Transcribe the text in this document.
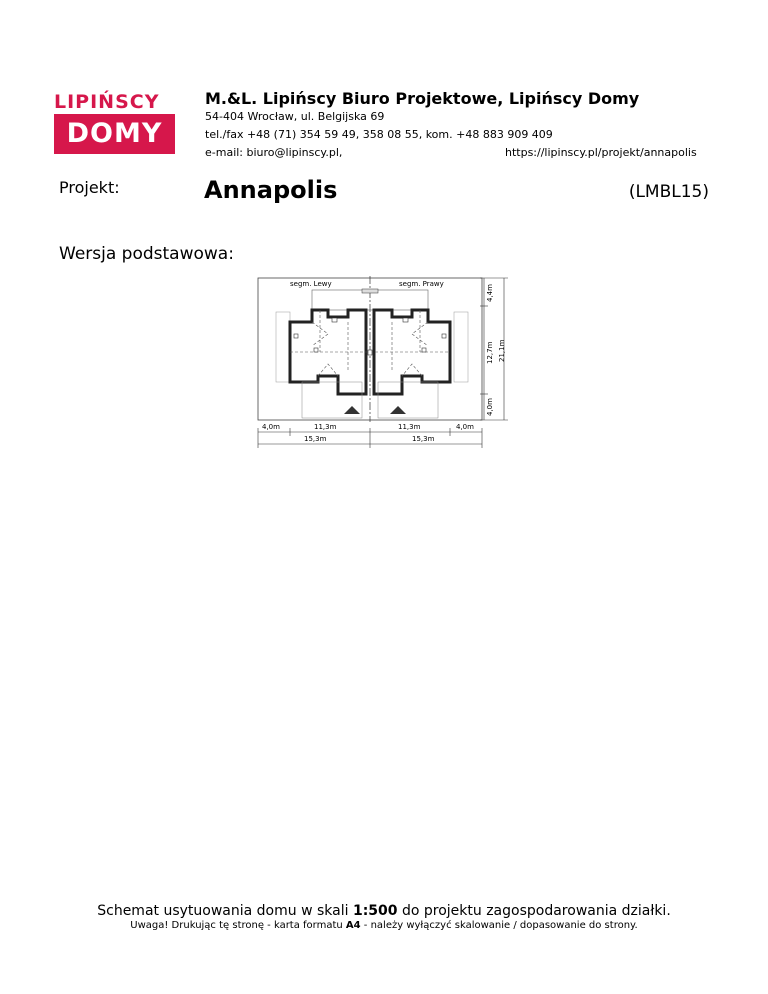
LIPIŃSCY
DOMY
M.&L. Lipińscy Biuro Projektowe, Lipińscy Domy
54-404 Wrocław, ul. Belgijska 69
tel./fax +48 (71) 354 59 49, 358 08 55, kom. +48 883 909 409
e-mail: biuro@lipinscy.pl,	https://lipinscy.pl/projekt/annapolis
Projekt:	Annapolis	(LMBL15)
Wersja podstawowa:
segm. Lewy	segm. Prawy
4,4m
12,7m 21,1m
4,0m
4,0m	11,3m	11,3m	4,0m
15,3m	15,3m
Schemat usytuowania domu w skali 1:500 do projektu zagospodarowania działki.
Uwaga! Drukując tę stronę - karta formatu A4 - należy wyłączyć skalowanie / dopasowanie do strony.
